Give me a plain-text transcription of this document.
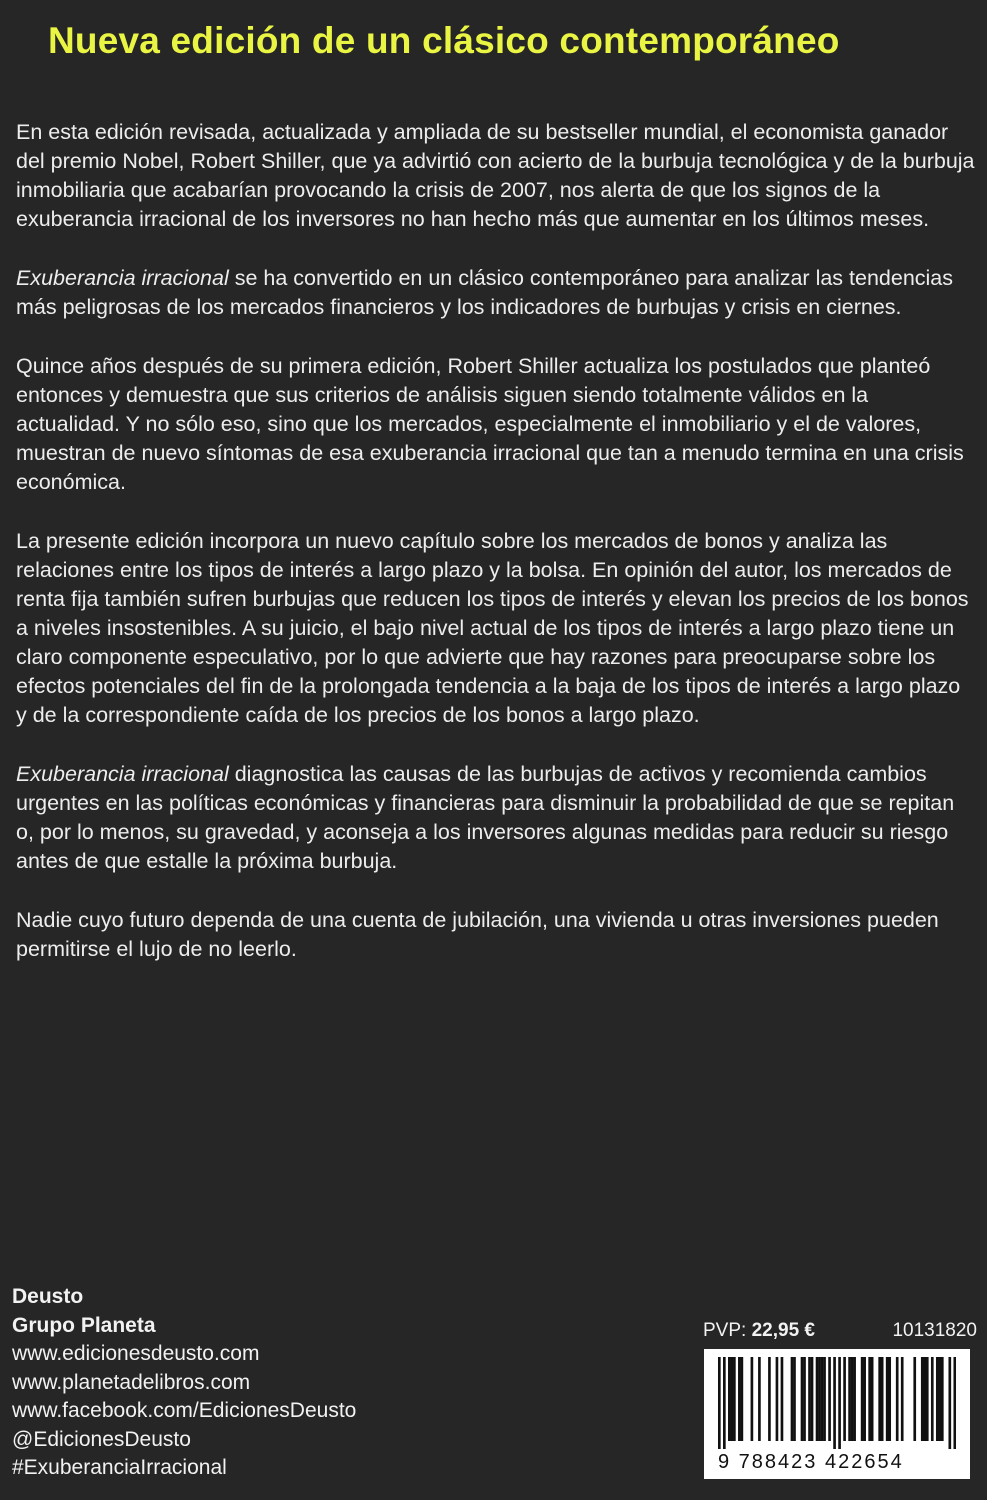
Nueva edición de un clásico contemporáneo

En esta edición revisada, actualizada y ampliada de su bestseller mundial, el economista ganador del premio Nobel, Robert Shiller, que ya advirtió con acierto de la burbuja tecnológica y de la burbuja inmobiliaria que acabarían provocando la crisis de 2007, nos alerta de que los signos de la exuberancia irracional de los inversores no han hecho más que aumentar en los últimos meses.

Exuberancia irracional se ha convertido en un clásico contemporáneo para analizar las tendencias más peligrosas de los mercados financieros y los indicadores de burbujas y crisis en ciernes.

Quince años después de su primera edición, Robert Shiller actualiza los postulados que planteó entonces y demuestra que sus criterios de análisis siguen siendo totalmente válidos en la actualidad. Y no sólo eso, sino que los mercados, especialmente el inmobiliario y el de valores, muestran de nuevo síntomas de esa exuberancia irracional que tan a menudo termina en una crisis económica.

La presente edición incorpora un nuevo capítulo sobre los mercados de bonos y analiza las relaciones entre los tipos de interés a largo plazo y la bolsa. En opinión del autor, los mercados de renta fija también sufren burbujas que reducen los tipos de interés y elevan los precios de los bonos a niveles insostenibles. A su juicio, el bajo nivel actual de los tipos de interés a largo plazo tiene un claro componente especulativo, por lo que advierte que hay razones para preocuparse sobre los efectos potenciales del fin de la prolongada tendencia a la baja de los tipos de interés a largo plazo y de la correspondiente caída de los precios de los bonos a largo plazo.

Exuberancia irracional diagnostica las causas de las burbujas de activos y recomienda cambios urgentes en las políticas económicas y financieras para disminuir la probabilidad de que se repitan o, por lo menos, su gravedad, y aconseja a los inversores algunas medidas para reducir su riesgo antes de que estalle la próxima burbuja.

Nadie cuyo futuro dependa de una cuenta de jubilación, una vivienda u otras inversiones pueden permitirse el lujo de no leerlo.

Deusto
Grupo Planeta
www.edicionesdeusto.com
www.planetadelibros.com
www.facebook.com/EdicionesDeusto
@EdicionesDeusto
#ExuberanciaIrracional
PVP: 22,95 €	10131820
9 788423 422654
